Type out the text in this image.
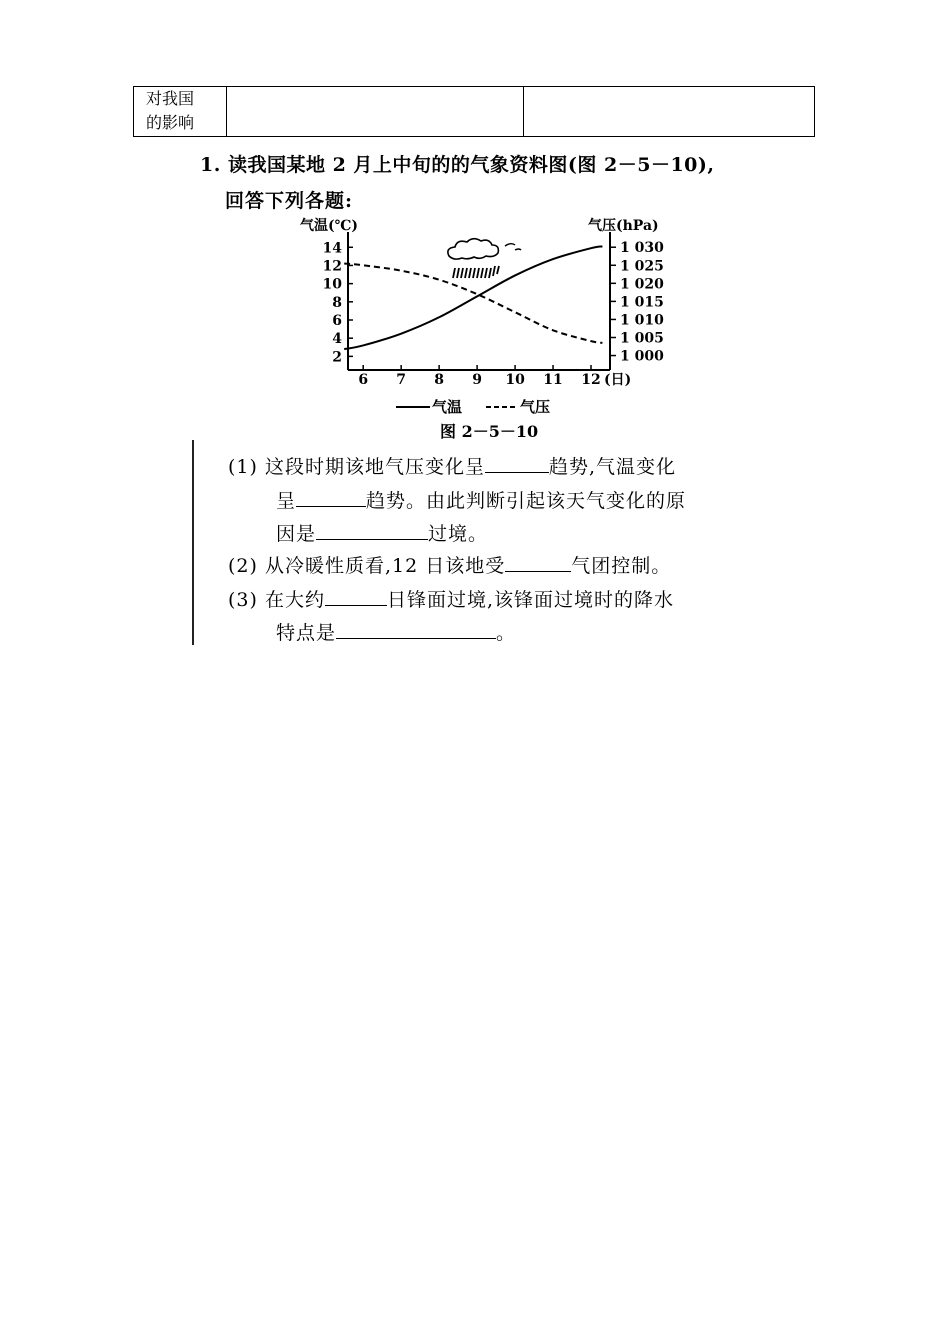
对我国
的影响

1. 读我国某地 2 月上中旬的的气象资料图(图 2－5－10),
回答下列各题:
6 7 8 9 10 11 12
2
4
6
8
10
12
14
1 000
1 005
1 010
1 015
1 020
1 025
1 030
气温(℃)	气压(hPa)
(日)
气温	气压
图 2－5－10
(1) 这段时期该地气压变化呈	趋势,气温变化
呈	趋势。由此判断引起该天气变化的原
因是	过境。
(2) 从冷暖性质看,12 日该地受	气团控制。
(3) 在大约	日锋面过境,该锋面过境时的降水
特点是	。
